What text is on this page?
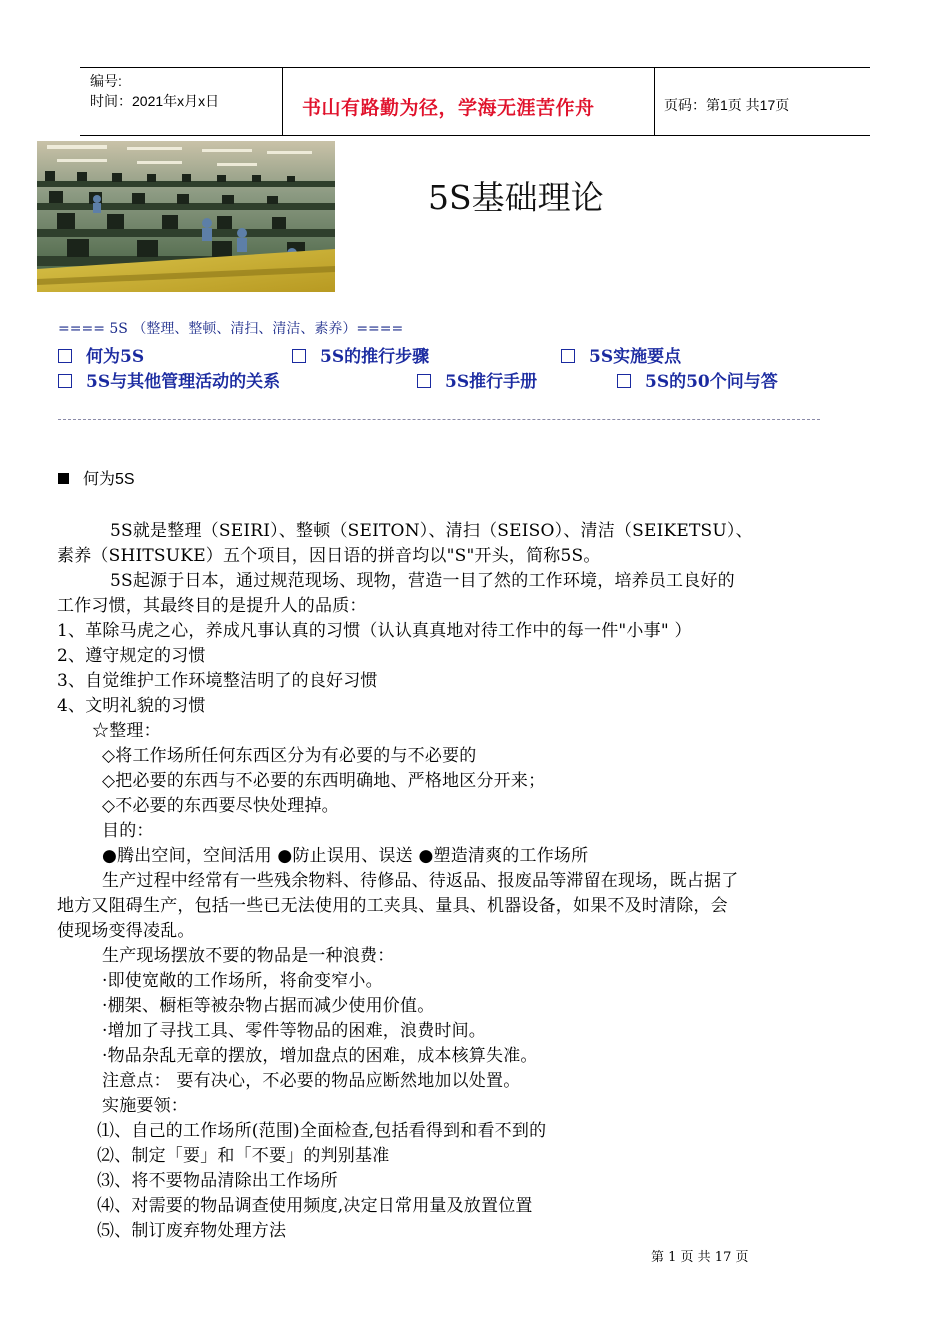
编号:
时间：2021年x月x日	书山有路勤为径，学海无涯苦作舟	页码：第1页 共17页
5S基础理论
==== 5S （整理、整顿、清扫、清洁、素养）====
何为5S	5S的推行步骤	5S实施要点
5S与其他管理活动的关系	5S推行手册	5S的50个问与答
何为5S
5S就是整理（SEIRI）、整顿（SEITON）、清扫（SEISO）、清洁（SEIKETSU）、
素养（SHITSUKE）五个项目，因日语的拼音均以"S"开头，简称5S。
5S起源于日本，通过规范现场、现物，营造一目了然的工作环境，培养员工良好的
工作习惯，其最终目的是提升人的品质：
1、革除马虎之心，养成凡事认真的习惯（认认真真地对待工作中的每一件"小事" ）
2、遵守规定的习惯
3、自觉维护工作环境整洁明了的良好习惯
4、文明礼貌的习惯
☆整理：
◇将工作场所任何东西区分为有必要的与不必要的
◇把必要的东西与不必要的东西明确地、严格地区分开来；
◇不必要的东西要尽快处理掉。
目的：
●腾出空间，空间活用 ●防止误用、误送 ●塑造清爽的工作场所
生产过程中经常有一些残余物料、待修品、待返品、报废品等滞留在现场，既占据了
地方又阻碍生产，包括一些已无法使用的工夹具、量具、机器设备，如果不及时清除，会
使现场变得凌乱。
生产现场摆放不要的物品是一种浪费：
·即使宽敞的工作场所，将俞变窄小。
·棚架、橱柜等被杂物占据而减少使用价值。
·增加了寻找工具、零件等物品的困难，浪费时间。
·物品杂乱无章的摆放，增加盘点的困难，成本核算失准。
注意点： 要有决心，不必要的物品应断然地加以处置。
实施要领：
⑴、自己的工作场所(范围)全面检查,包括看得到和看不到的
⑵、制定「要」和「不要」的判别基准
⑶、将不要物品清除出工作场所
⑷、对需要的物品调查使用频度,决定日常用量及放置位置
⑸、制订废弃物处理方法
第 1 页 共 17 页
